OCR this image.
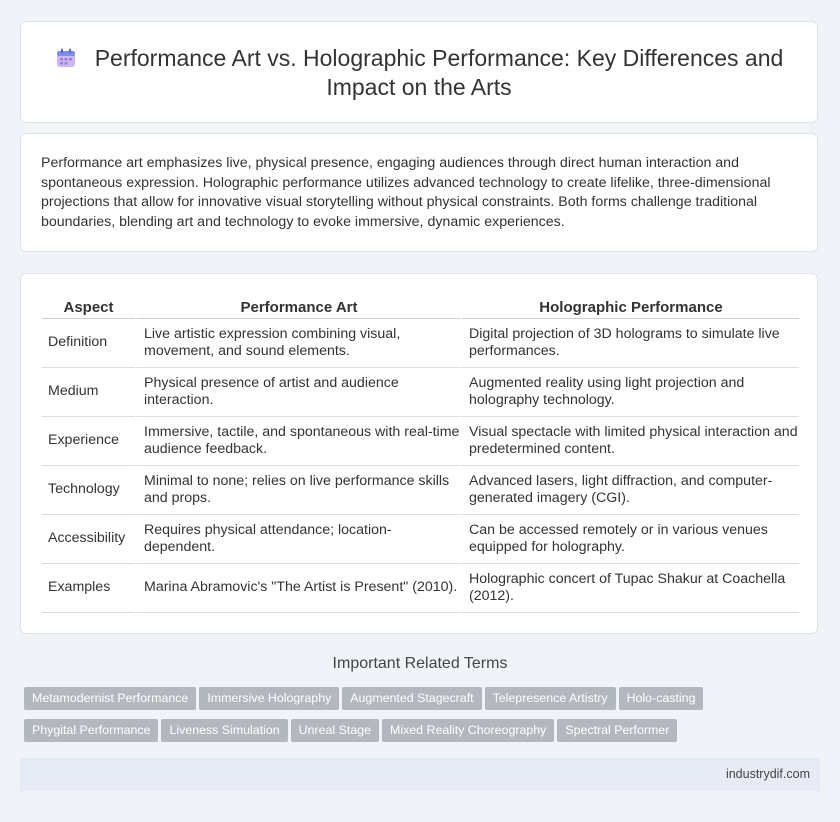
Performance Art vs. Holographic Performance: Key Differences and Impact on the Arts

Performance art emphasizes live, physical presence, engaging audiences through direct human interaction and spontaneous expression. Holographic performance utilizes advanced technology to create lifelike, three-dimensional projections that allow for innovative visual storytelling without physical constraints. Both forms challenge traditional boundaries, blending art and technology to evoke immersive, dynamic experiences.

Aspect	Performance Art	Holographic Performance
Definition	Live artistic expression combining visual, movement, and sound elements.	Digital projection of 3D holograms to simulate live performances.
Medium	Physical presence of artist and audience interaction.	Augmented reality using light projection and holography technology.
Experience	Immersive, tactile, and spontaneous with real-time audience feedback.	Visual spectacle with limited physical interaction and predetermined content.
Technology	Minimal to none; relies on live performance skills and props.	Advanced lasers, light diffraction, and computer-generated imagery (CGI).
Accessibility	Requires physical attendance; location-dependent.	Can be accessed remotely or in various venues equipped for holography.
Examples	Marina Abramovic's "The Artist is Present" (2010).	Holographic concert of Tupac Shakur at Coachella (2012).
Important Related Terms
Metamodernist Performance Immersive Holography Augmented Stagecraft Telepresence Artistry Holo-casting
Phygital Performance Liveness Simulation Unreal Stage Mixed Reality Choreography Spectral Performer
industrydif.com
